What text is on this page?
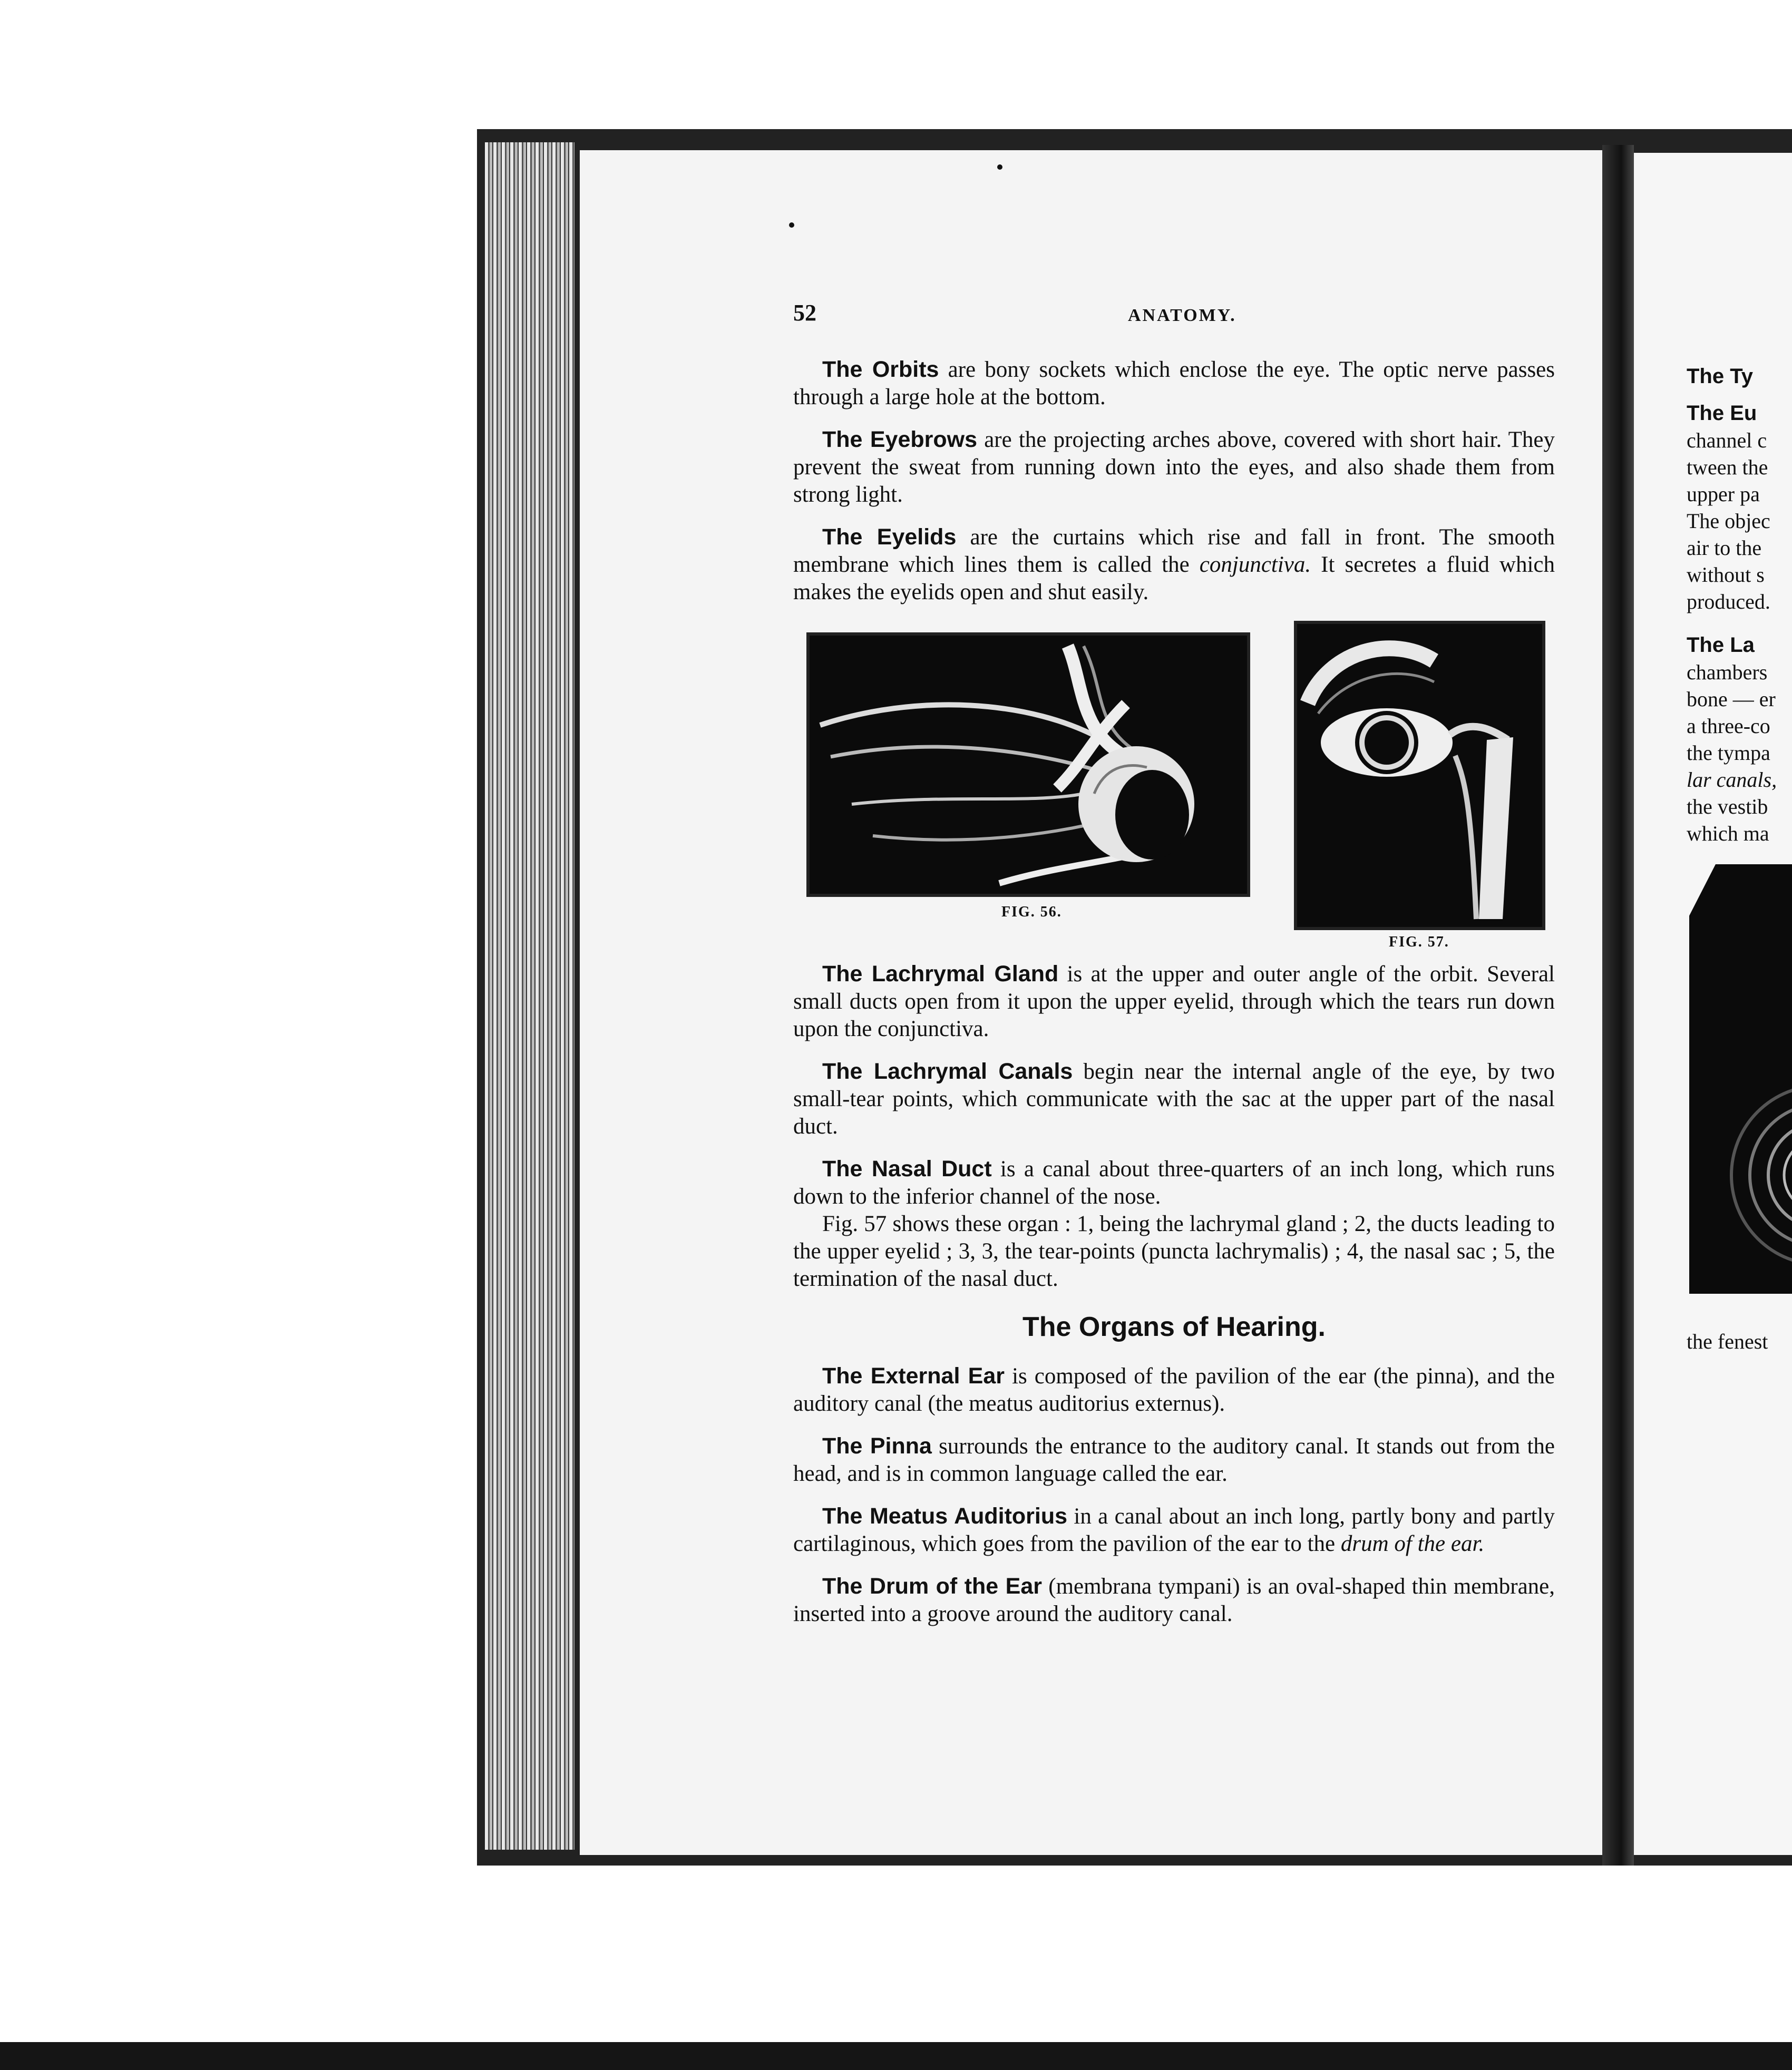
52	ANATOMY.

The Orbits are bony sockets which enclose the eye. The optic nerve passes through a large hole at the bottom.

The Eyebrows are the projecting arches above, covered with short hair. They prevent the sweat from running down into the eyes, and also shade them from strong light.

The Eyelids are the curtains which rise and fall in front. The smooth membrane which lines them is called the conjunctiva. It secretes a fluid which makes the eyelids open and shut easily.

FIG. 56.
FIG. 57.

The Lachrymal Gland is at the upper and outer angle of the orbit. Several small ducts open from it upon the upper eyelid, through which the tears run down upon the conjunctiva.

The Lachrymal Canals begin near the internal angle of the eye, by two small-tear points, which communicate with the sac at the upper part of the nasal duct.

The Nasal Duct is a canal about three-quarters of an inch long, which runs down to the inferior channel of the nose.

Fig. 57 shows these organ : 1, being the lachrymal gland ; 2, the ducts leading to the upper eyelid ; 3, 3, the tear-points (puncta lachrymalis) ; 4, the nasal sac ; 5, the termination of the nasal duct.

The Organs of Hearing.

The External Ear is composed of the pavilion of the ear (the pinna), and the auditory canal (the meatus auditorius externus).

The Pinna surrounds the entrance to the auditory canal. It stands out from the head, and is in common language called the ear.

The Meatus Auditorius in a canal about an inch long, partly bony and partly cartilaginous, which goes from the pavilion of the ear to the drum of the ear.

The Drum of the Ear (membrana tympani) is an oval-shaped thin membrane, inserted into a groove around the auditory canal.

The Ty
The Eu
channel c
tween the
upper pa
The objec
air to the
without s
produced.
The La
chambers
bone — er
a three-co
the tympa
lar canals,
the vestib
which ma
the fenest
